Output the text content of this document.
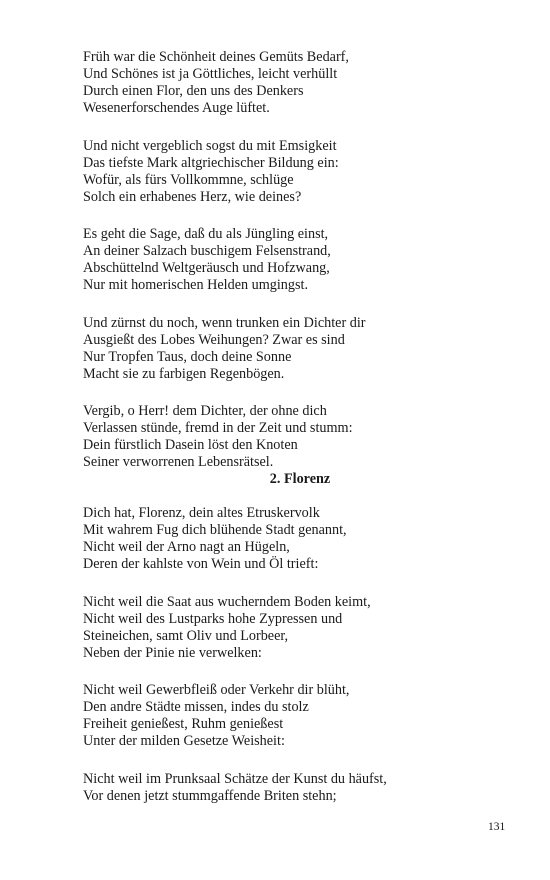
Früh war die Schönheit deines Gemüts Bedarf,
Und Schönes ist ja Göttliches, leicht verhüllt
Durch einen Flor, den uns des Denkers
Wesenerforschendes Auge lüftet.
Und nicht vergeblich sogst du mit Emsigkeit
Das tiefste Mark altgriechischer Bildung ein:
Wofür, als fürs Vollkommne, schlüge
Solch ein erhabenes Herz, wie deines?
Es geht die Sage, daß du als Jüngling einst,
An deiner Salzach buschigem Felsenstrand,
Abschüttelnd Weltgeräusch und Hofzwang,
Nur mit homerischen Helden umgingst.
Und zürnst du noch, wenn trunken ein Dichter dir
Ausgießt des Lobes Weihungen? Zwar es sind
Nur Tropfen Taus, doch deine Sonne
Macht sie zu farbigen Regenbögen.
Vergib, o Herr! dem Dichter, der ohne dich
Verlassen stünde, fremd in der Zeit und stumm:
Dein fürstlich Dasein löst den Knoten
Seiner verworrenen Lebensrätsel.
2. Florenz
Dich hat, Florenz, dein altes Etruskervolk
Mit wahrem Fug dich blühende Stadt genannt,
Nicht weil der Arno nagt an Hügeln,
Deren der kahlste von Wein und Öl trieft:
Nicht weil die Saat aus wucherndem Boden keimt,
Nicht weil des Lustparks hohe Zypressen und
Steineichen, samt Oliv und Lorbeer,
Neben der Pinie nie verwelken:
Nicht weil Gewerbfleiß oder Verkehr dir blüht,
Den andre Städte missen, indes du stolz
Freiheit genießest, Ruhm genießest
Unter der milden Gesetze Weisheit:
Nicht weil im Prunksaal Schätze der Kunst du häufst,
Vor denen jetzt stummgaffende Briten stehn;
131
